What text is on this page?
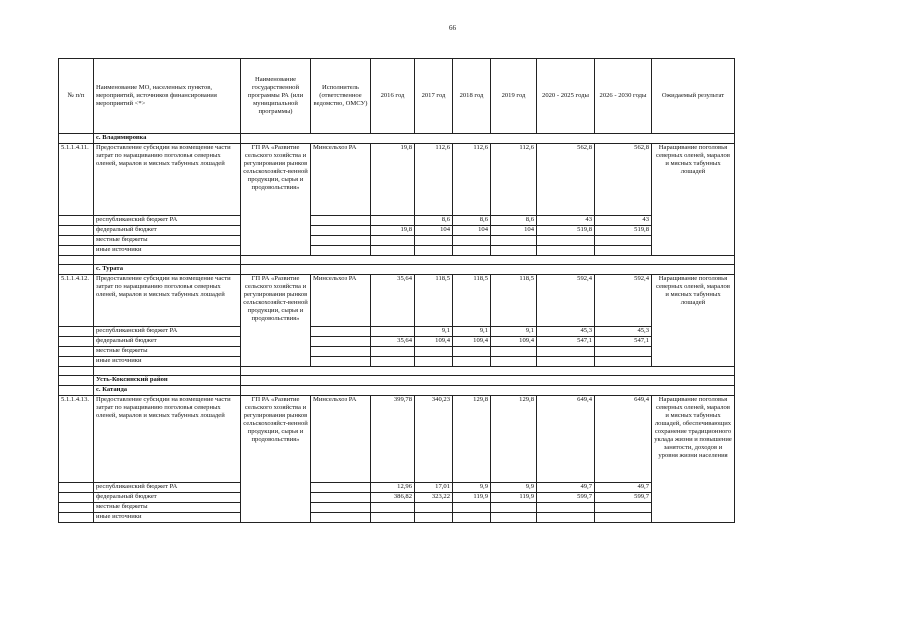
66
№ п/п	Наименование МО, населенных пунктов, мероприятий, источников финансирования мероприятий <*>	Наименование государственной программы РА (или муниципальной программы)	Исполнитель (ответственное ведомство, ОМСУ)	2016 год	2017 год	2018 год	2019 год	2020 - 2025 годы	2026 - 2030 годы	Ожидаемый результат
	с. Владимировка									
5.1.1.4.11.	Предоставление субсидии на возмещение части затрат по наращиванию поголовья северных оленей, маралов и мясных табунных лошадей	ГП РА «Развитие сельского хозяйства и регулирования рынков сельскохозяйст-венной продукции, сырья и продовольствия»	Минсельхоз РА	19,8	112,6	112,6	112,6	562,8	562,8	Наращивание поголовья северных оленей, маралов и мясных табунных лошадей
	республиканский бюджет РА				8,6	8,6	8,6	43	43	
	федеральный бюджет			19,8	104	104	104	519,8	519,8	
	местные бюджеты									
	иные источники									

	с. Турата									
5.1.1.4.12.	Предоставление субсидии на возмещение части затрат по наращиванию поголовья северных оленей, маралов и мясных табунных лошадей	ГП РА «Развитие сельского хозяйства и регулирования рынков сельскохозяйст-венной продукции, сырья и продовольствия»	Минсельхоз РА	35,64	118,5	118,5	118,5	592,4	592,4	Наращивание поголовья северных оленей, маралов и мясных табунных лошадей
	республиканский бюджет РА				9,1	9,1	9,1	45,3	45,3	
	федеральный бюджет			35,64	109,4	109,4	109,4	547,1	547,1	
	местные бюджеты									
	иные источники									

	Усть-Коксинский район									
	с. Катанда									
5.1.1.4.13.	Предоставление субсидии на возмещение части затрат по наращиванию поголовья северных оленей, маралов и мясных табунных лошадей	ГП РА «Развитие сельского хозяйства и регулирования рынков сельскохозяйст-венной продукции, сырья и продовольствия»	Минсельхоз РА	399,78	340,23	129,8	129,8	649,4	649,4	Наращивание поголовья северных оленей, маралов и мясных табунных лошадей, обеспечивающих сохранение традиционного уклада жизни и повышение занятости, доходов и уровня жизни населения
	республиканский бюджет РА			12,96	17,01	9,9	9,9	49,7	49,7	
	федеральный бюджет			386,82	323,22	119,9	119,9	599,7	599,7	
	местные бюджеты									
	иные источники									
